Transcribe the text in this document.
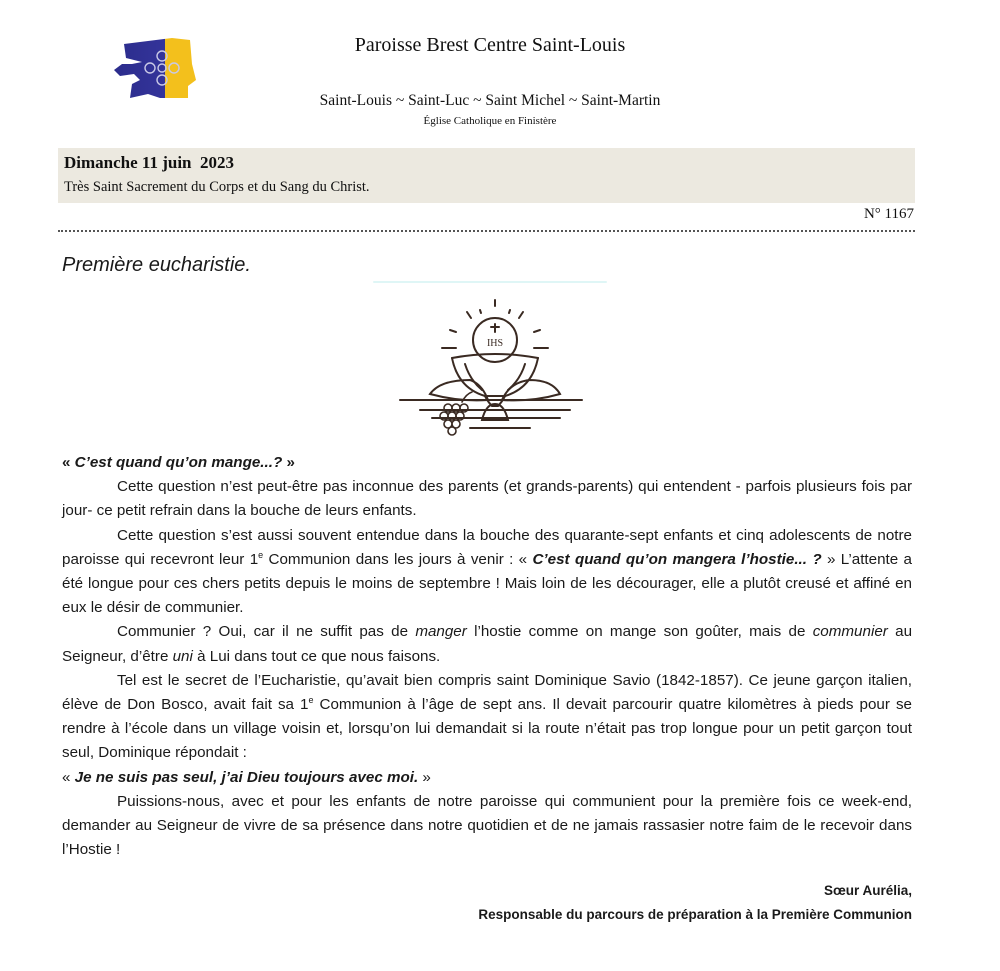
Paroisse Brest Centre Saint-Louis
Saint-Louis ~ Saint-Luc ~ Saint Michel ~ Saint-Martin
Église Catholique en Finistère
Dimanche 11 juin  2023
Très Saint Sacrement du Corps et du Sang du Christ.
N° 1167
Première eucharistie.
IHS

« C’est quand qu’on mange...? »

Cette question n’est peut-être pas inconnue des parents (et grands-parents) qui entendent - parfois plusieurs fois par jour- ce petit refrain dans la bouche de leurs enfants.

Cette question s’est aussi souvent entendue dans la bouche des quarante-sept enfants et cinq adolescents de notre paroisse qui recevront leur 1e Communion dans les jours à venir : « C’est quand qu’on mangera l’hostie... ? » L’attente a été longue pour ces chers petits depuis le moins de septembre ! Mais loin de les décourager, elle a plutôt creusé et affiné en eux le désir de communier.

Communier ? Oui, car il ne suffit pas de manger l’hostie comme on mange son goûter, mais de communier au Seigneur, d’être uni à Lui dans tout ce que nous faisons.

Tel est le secret de l’Eucharistie, qu’avait bien compris saint Dominique Savio (1842-1857). Ce jeune garçon italien, élève de Don Bosco, avait fait sa 1e Communion à l’âge de sept ans. Il devait parcourir quatre kilomètres à pieds pour se rendre à l’école dans un village voisin et, lorsqu’on lui demandait si la route n’était pas trop longue pour un petit garçon tout seul, Dominique répondait :

« Je ne suis pas seul, j’ai Dieu toujours avec moi. »

Puissions-nous, avec et pour les enfants de notre paroisse qui communient pour la première fois ce week-end, demander au Seigneur de vivre de sa présence dans notre quotidien et de ne jamais rassasier notre faim de le recevoir dans l’Hostie !

Sœur Aurélia,
Responsable du parcours de préparation à la Première Communion
